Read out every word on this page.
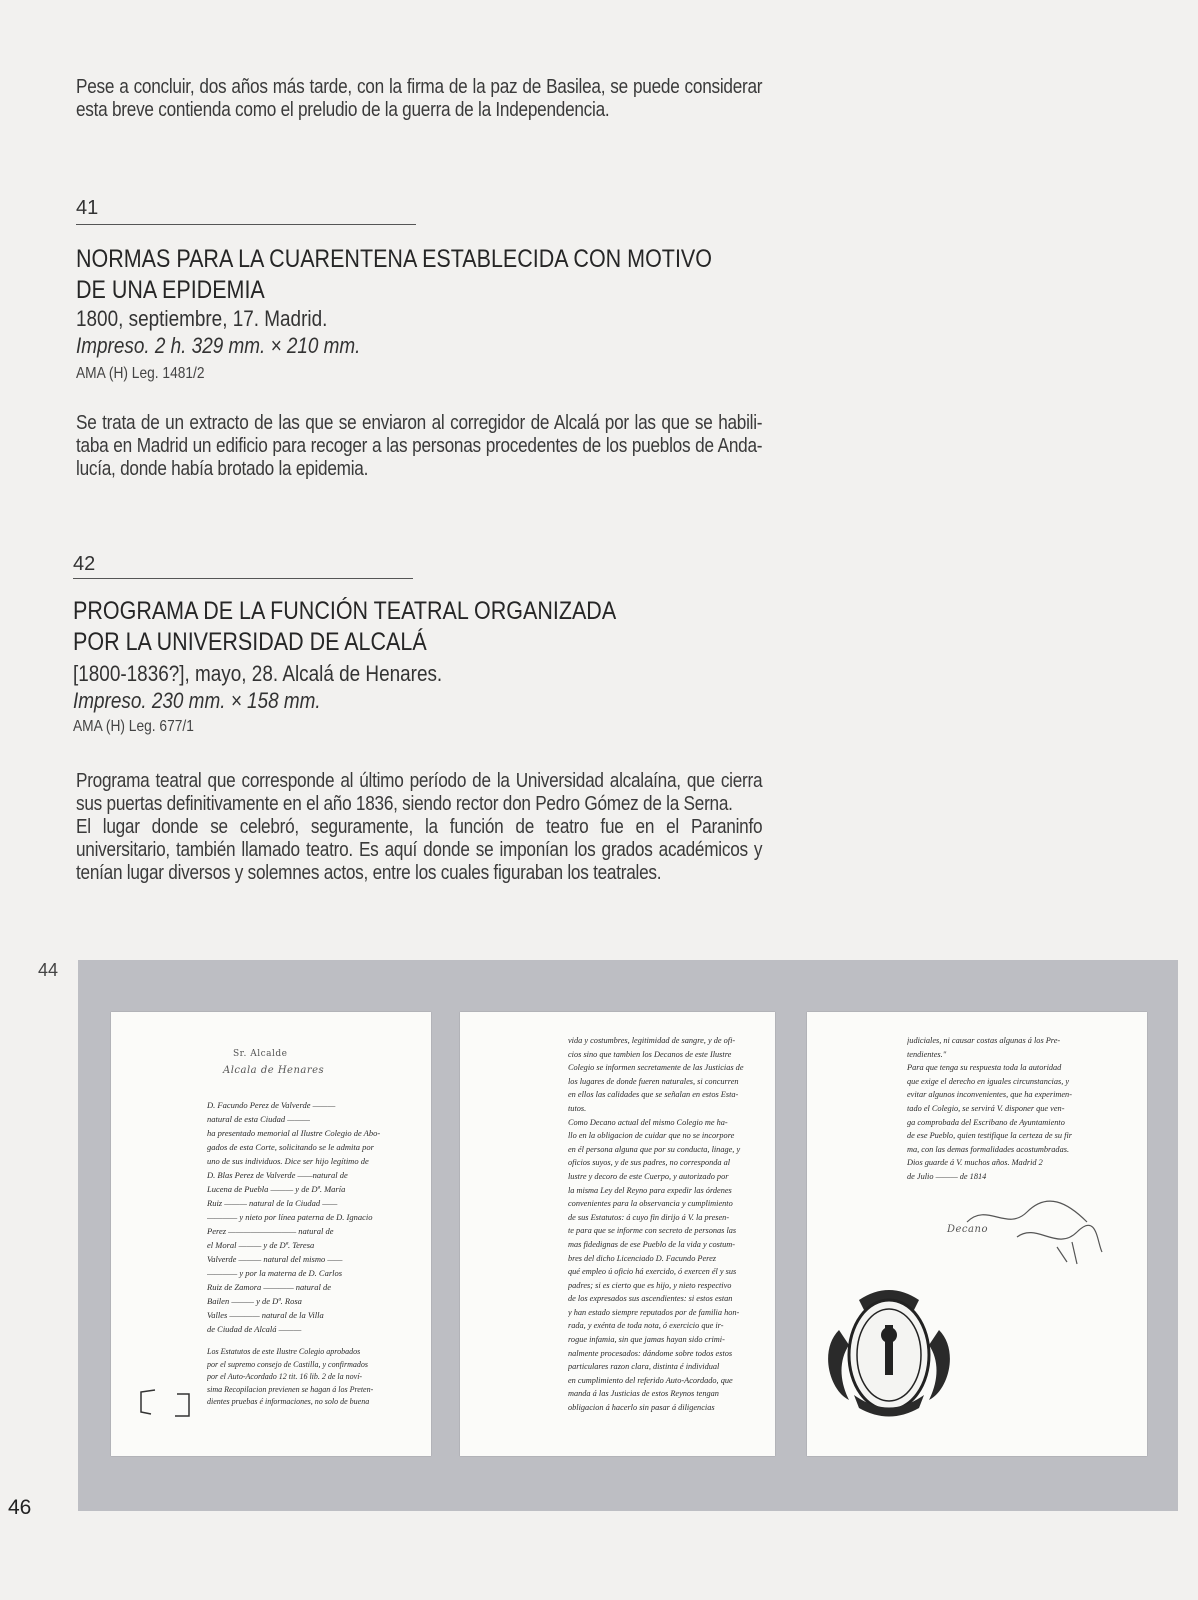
Pese a concluir, dos años más tarde, con la firma de la paz de Basilea, se puede considerar esta breve contienda como el preludio de la guerra de la Independencia.

41
NORMAS PARA LA CUARENTENA ESTABLECIDA CON MOTIVO
DE UNA EPIDEMIA
1800, septiembre, 17. Madrid.
Impreso. 2 h. 329 mm. × 210 mm.
AMA (H) Leg. 1481/2

Se trata de un extracto de las que se enviaron al corregidor de Alcalá por las que se habili-taba en Madrid un edificio para recoger a las personas procedentes de los pueblos de Anda-lucía, donde había brotado la epidemia.

42
PROGRAMA DE LA FUNCIÓN TEATRAL ORGANIZADA
POR LA UNIVERSIDAD DE ALCALÁ
[1800-1836?], mayo, 28. Alcalá de Henares.
Impreso. 230 mm. × 158 mm.
AMA (H) Leg. 677/1

Programa teatral que corresponde al último período de la Universidad alcalaína, que cierra sus puertas definitivamente en el año 1836, siendo rector don Pedro Gómez de la Serna.

El lugar donde se celebró, seguramente, la función de teatro fue en el Paraninfo universitario, también llamado teatro. Es aquí donde se imponían los grados académicos y tenían lugar diversos y solemnes actos, entre los cuales figuraban los teatrales.

44
46
Sr. Alcalde
Alcala de Henares
D. Facundo Perez de Valverde ———
natural de esta Ciudad ———
ha presentado memorial al Ilustre Colegio de Abo-
gados de esta Corte, solicitando se le admita por
uno de sus individuos. Dice ser hijo legítimo de
D. Blas Perez de Valverde ——natural de
Lucena de Puebla ——— y de Dª. María
Ruiz ——— natural de la Ciudad ——
———— y nieto por línea paterna de D. Ignacio
Perez ————————— natural de
el Moral ——— y de Dª. Teresa
Valverde ——— natural del mismo ——
———— y por la materna de D. Carlos
Ruiz de Zamora ———— natural de
Bailen ——— y de Dª. Rosa
Valles ———— natural de la Villa
de Ciudad de Alcalá ———
Los Estatutos de este Ilustre Colegio aprobados
por el supremo consejo de Castilla, y confirmados
por el Auto-Acordado 12 tit. 16 lib. 2 de la noví-
sima Recopilacion previenen se hagan á los Preten-
dientes pruebas é informaciones, no solo de buena
vida y costumbres, legitimidad de sangre, y de ofi-
cios sino que tambien los Decanos de este Ilustre
Colegio se informen secretamente de las Justicias de
los lugares de donde fueren naturales, si concurren
en ellos las calidades que se señalan en estos Esta-
tutos.
Como Decano actual del mismo Colegio me ha-
llo en la obligacion de cuidar que no se incorpore
en él persona alguna que por su conducta, linage, y
oficios suyos, y de sus padres, no corresponda al
lustre y decoro de este Cuerpo, y autorizado por
la misma Ley del Reyno para expedir las órdenes
convenientes para la observancia y cumplimiento
de sus Estatutos: á cuyo fin dirijo á V. la presen-
te para que se informe con secreto de personas las
mas fidedignas de ese Pueblo de la vida y costum-
bres del dicho Licenciado D. Facundo Perez
qué empleo ú oficio há exercido, ó exercen él y sus
padres; si es cierto que es hijo, y nieto respectivo
de los expresados sus ascendientes: si estos estan
y han estado siempre reputados por de familia hon-
rada, y exénta de toda nota, ó exercicio que ir-
rogue infamia, sin que jamas hayan sido crimi-
nalmente procesados: dándome sobre todos estos
particulares razon clara, distinta é individual
en cumplimiento del referido Auto-Acordado, que
manda á las Justicias de estos Reynos tengan
obligacion á hacerlo sin pasar á diligencias
judiciales, ni causar costas algunas á los Pre-
tendientes."
Para que tenga su respuesta toda la autoridad
que exige el derecho en iguales circunstancias, y
evitar algunos inconvenientes, que ha experimen-
tado el Colegio, se servirá V. disponer que ven-
ga comprobada del Escribano de Ayuntamiento
de ese Pueblo, quien testifique la certeza de su fir
ma, con las demas formalidades acostumbradas.
Dios guarde á V. muchos años. Madrid 2
de Julio ——— de 1814
Decano
